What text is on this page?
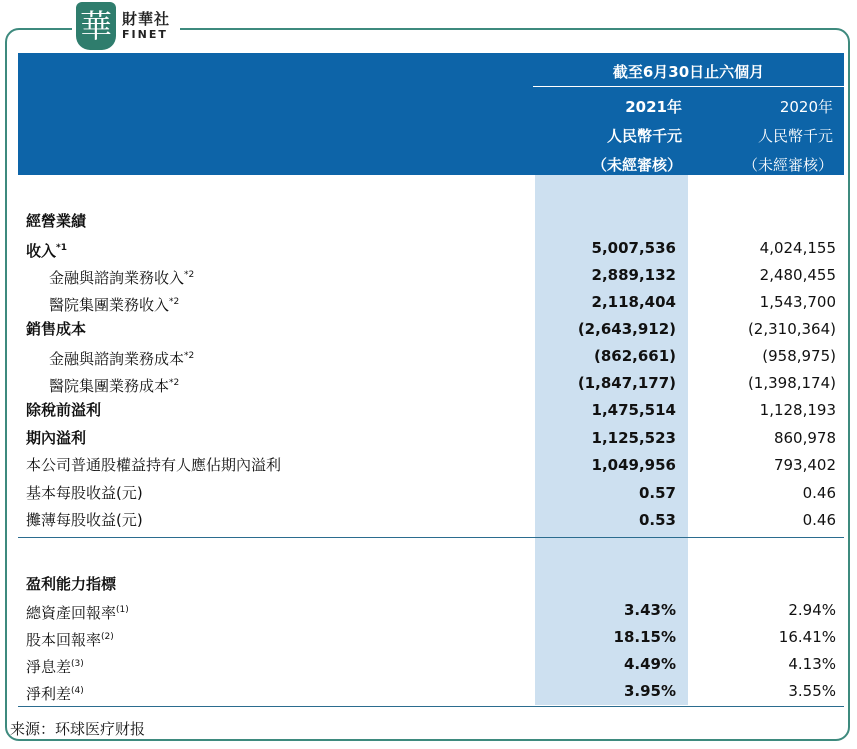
華 財華社
FINET
截至6月30日止六個月
2021年
人民幣千元
（未經審核）
2020年
人民幣千元
（未經審核）
經營業績
收入$^{*1}$	5,007,536	4,024,155
金融與諮詢業務收入$^{*2}$	2,889,132	2,480,455
醫院集團業務收入$^{*2}$	2,118,404	1,543,700
銷售成本	(2,643,912)	(2,310,364)
金融與諮詢業務成本$^{*2}$	(862,661)	(958,975)
醫院集團業務成本$^{*2}$	(1,847,177)	(1,398,174)
除稅前溢利	1,475,514	1,128,193
期內溢利	1,125,523	860,978
本公司普通股權益持有人應佔期內溢利	1,049,956	793,402
基本每股收益(元)	0.57	0.46
攤薄每股收益(元)	0.53	0.46
盈利能力指標
總資產回報率$^{(1)}$	3.43%	2.94%
股本回報率$^{(2)}$	18.15%	16.41%
淨息差$^{(3)}$	4.49%	4.13%
淨利差$^{(4)}$	3.95%	3.55%
来源：环球医疗财报
